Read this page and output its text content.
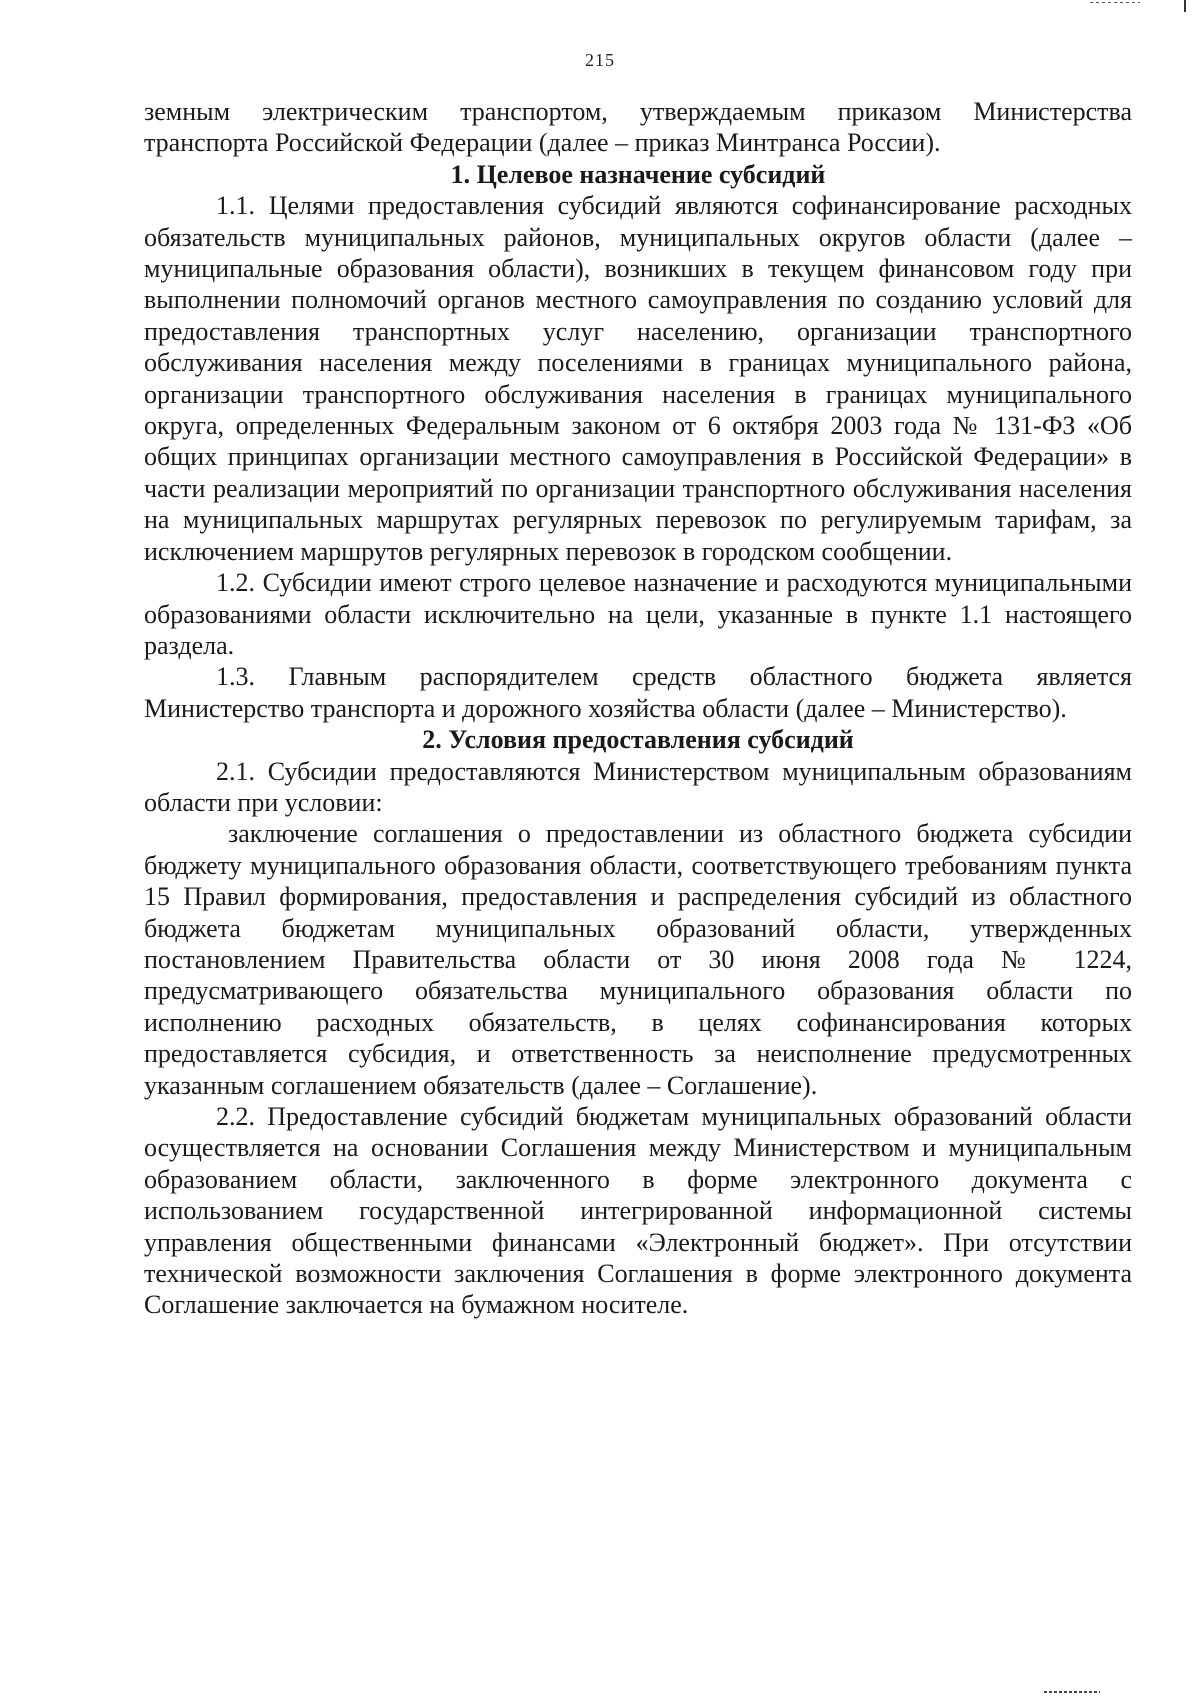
215

земным электрическим транспортом, утверждаемым приказом Министерства транспорта Российской Федерации (далее – приказ Минтранса России).

1. Целевое назначение субсидий

1.1. Целями предоставления субсидий являются софинансирование расходных обязательств муниципальных районов, муниципальных округов области (далее – муниципальные образования области), возникших в текущем финансовом году при выполнении полномочий органов местного самоуправления по созданию условий для предоставления транспортных услуг населению, организации транспортного обслуживания населения между поселениями в границах муниципального района, организации транспортного обслуживания населения в границах муниципального округа, определенных Федеральным законом от 6 октября 2003 года № 131-ФЗ «Об общих принципах организации местного самоуправления в Российской Федерации» в части реализации мероприятий по организации транспортного обслуживания населения на муниципальных маршрутах регулярных перевозок по регулируемым тарифам, за исключением маршрутов регулярных перевозок в городском сообщении.

1.2. Субсидии имеют строго целевое назначение и расходуются муниципальными образованиями области исключительно на цели, указанные в пункте 1.1 настоящего раздела.

1.3. Главным распорядителем средств областного бюджета является Министерство транспорта и дорожного хозяйства области (далее – Министерство).

2. Условия предоставления субсидий

2.1. Субсидии предоставляются Министерством муниципальным образованиям области при условии:

заключение соглашения о предоставлении из областного бюджета субсидии бюджету муниципального образования области, соответствующего требованиям пункта 15 Правил формирования, предоставления и распределения субсидий из областного бюджета бюджетам муниципальных образований области, утвержденных постановлением Правительства области от 30 июня 2008 года № 1224, предусматривающего обязательства муниципального образования области по исполнению расходных обязательств, в целях софинансирования которых предоставляется субсидия, и ответственность за неисполнение предусмотренных указанным соглашением обязательств (далее – Соглашение).

2.2. Предоставление субсидий бюджетам муниципальных образований области осуществляется на основании Соглашения между Министерством и муниципальным образованием области, заключенного в форме электронного документа с использованием государственной интегрированной информационной системы управления общественными финансами «Электронный бюджет». При отсутствии технической возможности заключения Соглашения в форме электронного документа Соглашение заключается на бумажном носителе.
